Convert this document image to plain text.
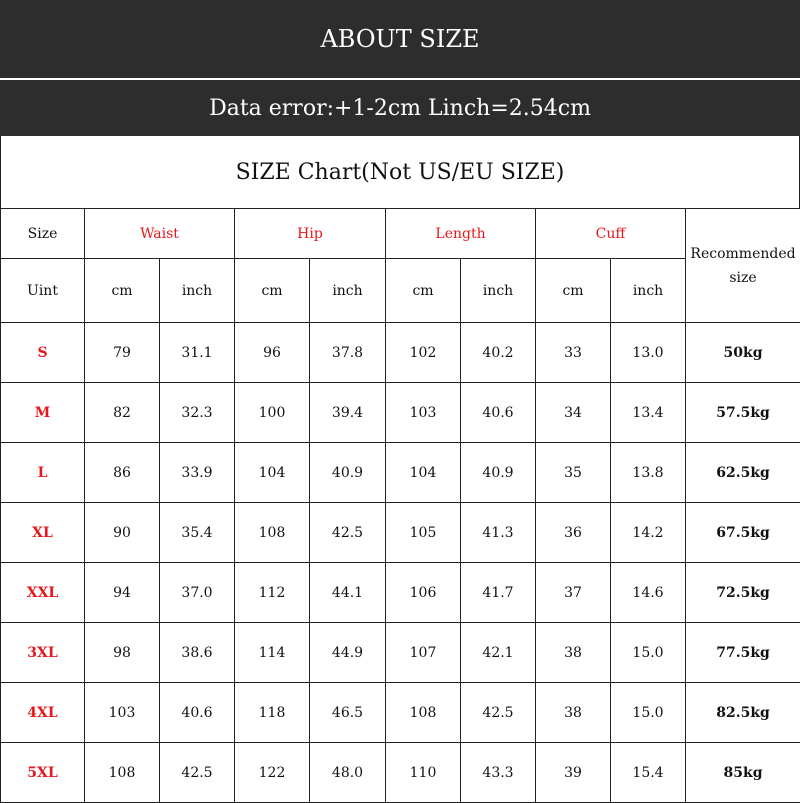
ABOUT SIZE
Data error:+1-2cm Linch=2.54cm
SIZE Chart(Not US/EU SIZE)
Size	Waist		Hip		Length		Cuff		Recommended
size
Uint	cm	inch	cm	inch	cm	inch	cm	inch	
S	79	31.1	96	37.8	102	40.2	33	13.0	50kg
M	82	32.3	100	39.4	103	40.6	34	13.4	57.5kg
L	86	33.9	104	40.9	104	40.9	35	13.8	62.5kg
XL	90	35.4	108	42.5	105	41.3	36	14.2	67.5kg
XXL	94	37.0	112	44.1	106	41.7	37	14.6	72.5kg
3XL	98	38.6	114	44.9	107	42.1	38	15.0	77.5kg
4XL	103	40.6	118	46.5	108	42.5	38	15.0	82.5kg
5XL	108	42.5	122	48.0	110	43.3	39	15.4	85kg
